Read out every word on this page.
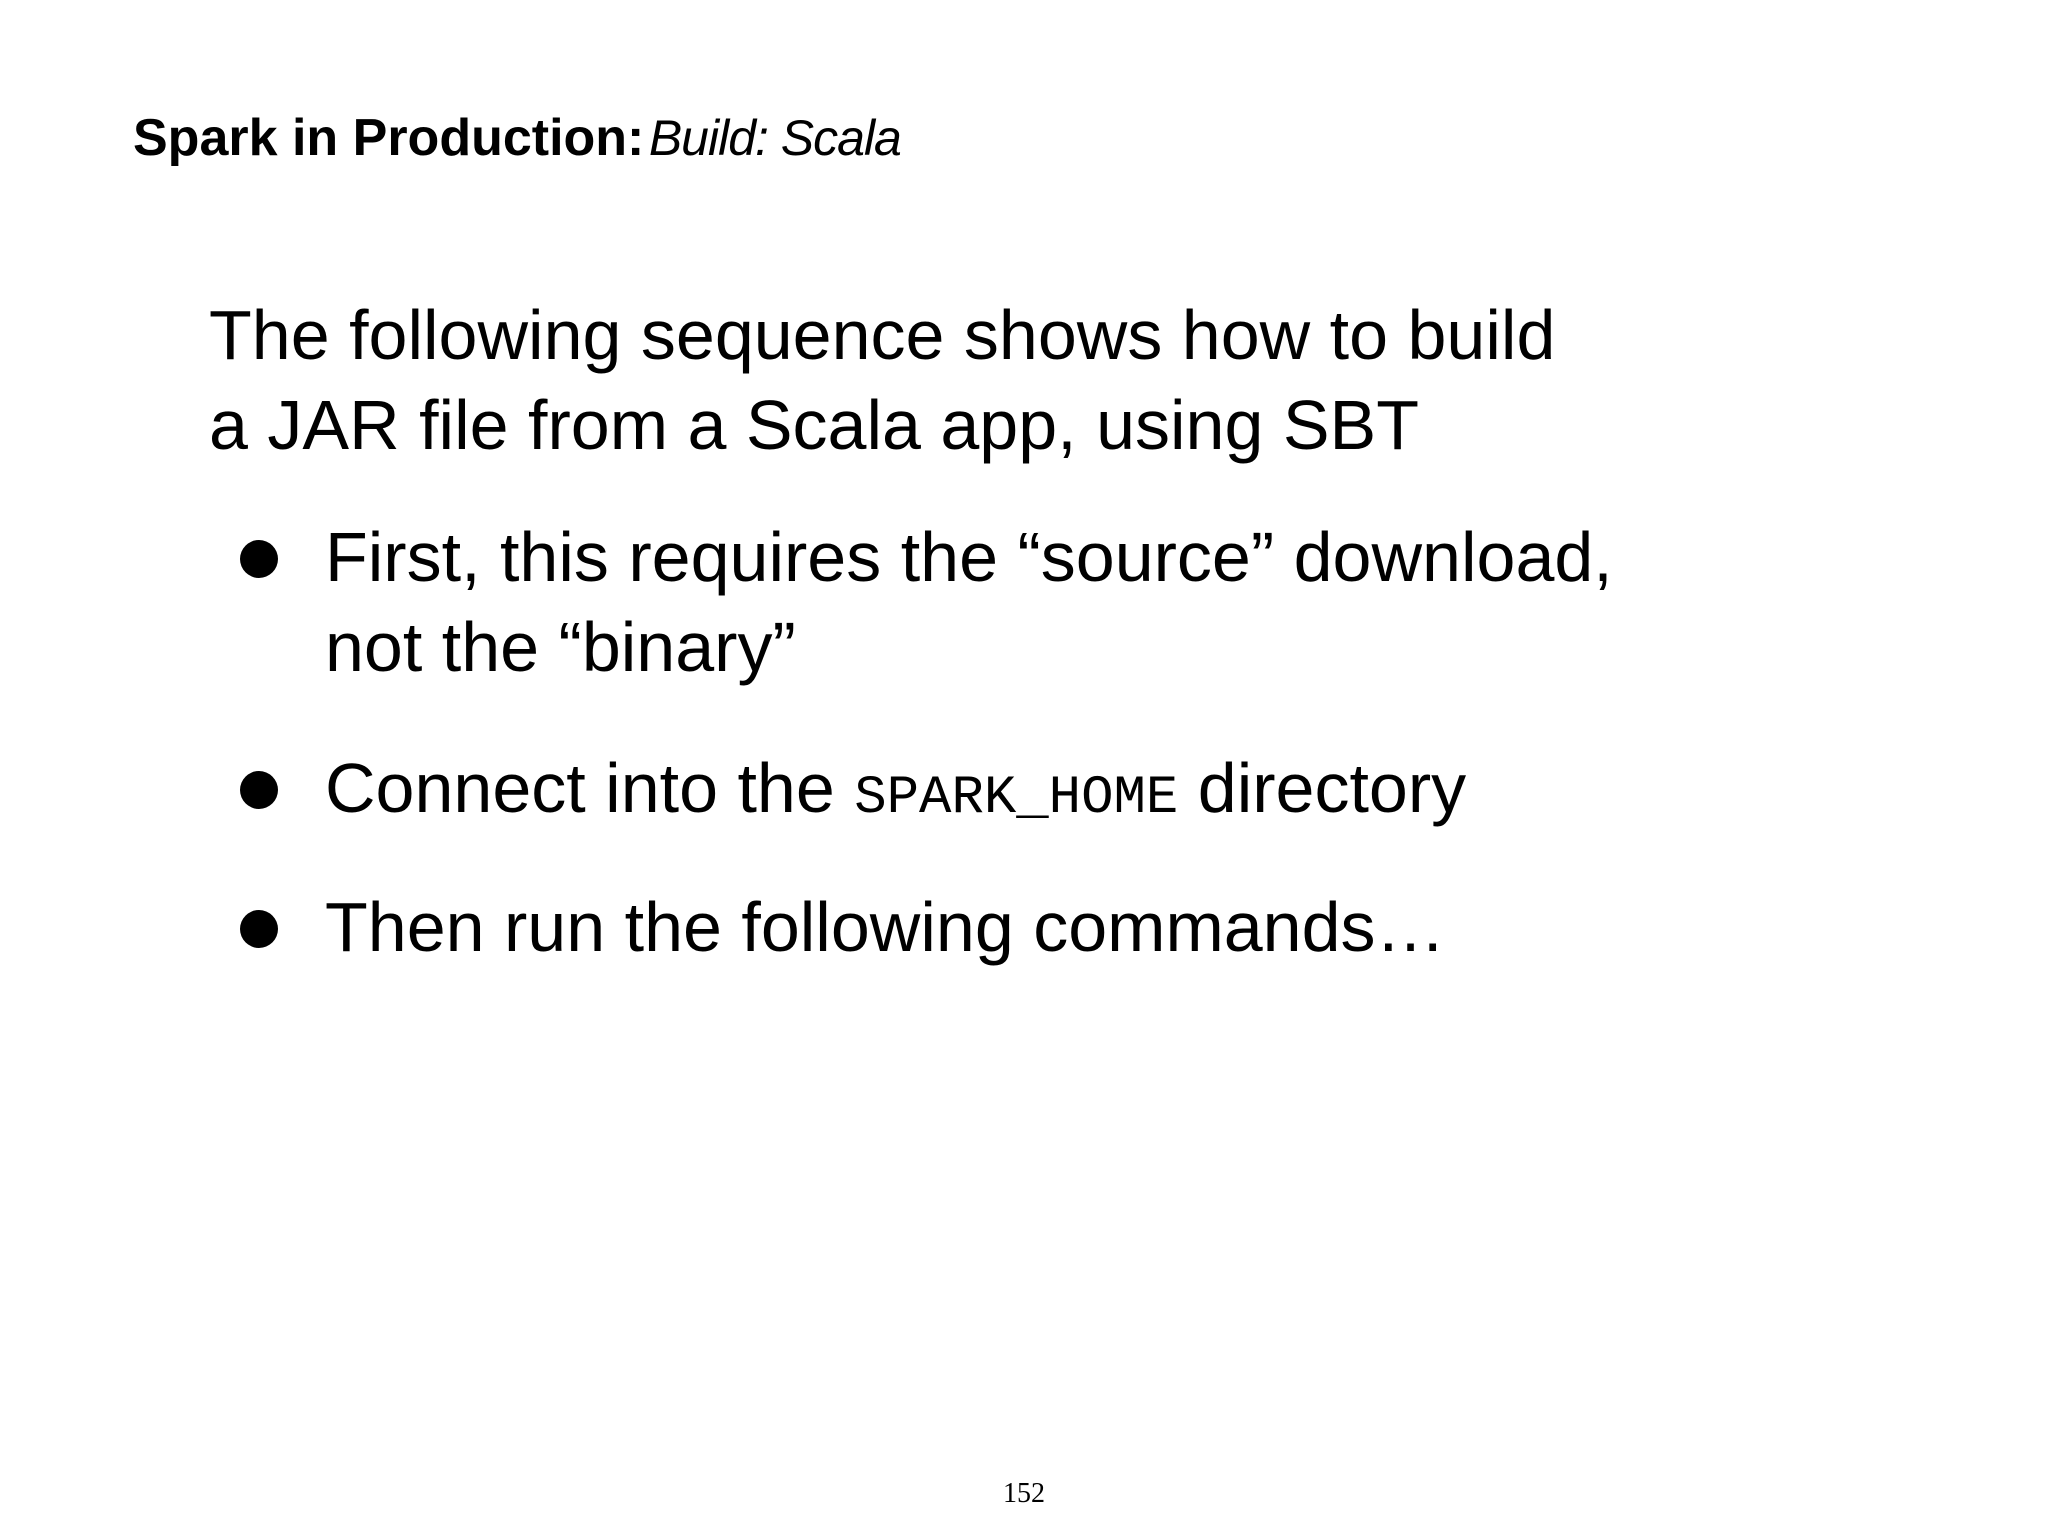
Spark in Production: Build: Scala
The following sequence shows how to build
a JAR file from a Scala app, using SBT
First, this requires the “source” download,
not the “binary”
Connect into the SPARK_HOME directory
Then run the following commands…
152
